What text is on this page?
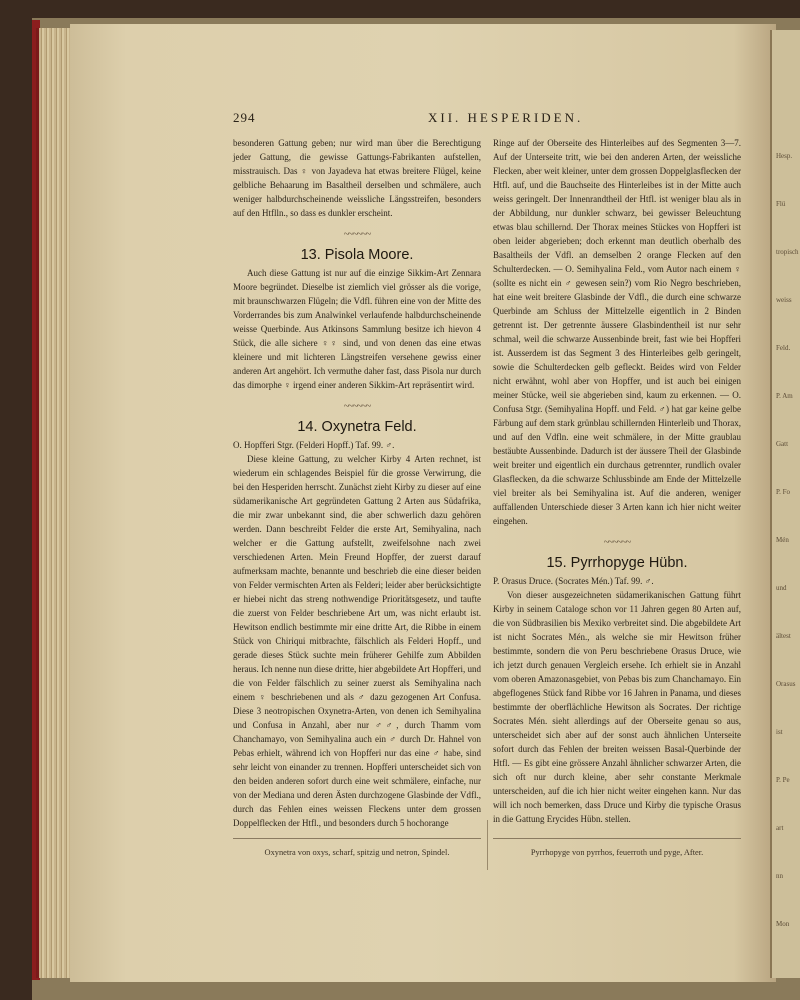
Hesp.
Flü
tropisch
weiss
Feld.
P. Am
Gatt
P. Fo
Mén
und
ältest
Orasus
ist
P. Pe
art
nn
Mon
294	XII. HESPERIDEN.

besonderen Gattung geben; nur wird man über die Berechtigung jeder Gattung, die gewisse Gattungs-Fabrikanten aufstellen, misstrauisch. Das ♀ von Jayadeva hat etwas breitere Flügel, keine gelbliche Behaarung im Basaltheil derselben und schmälere, auch weniger halbdurchscheinende weissliche Längsstreifen, besonders auf den Htflln., so dass es dunkler erscheint.

~~~~~~
13. Pisola Moore.

Auch diese Gattung ist nur auf die einzige Sikkim-Art Zennara Moore begründet. Dieselbe ist ziemlich viel grösser als die vorige, mit braunschwarzen Flügeln; die Vdfl. führen eine von der Mitte des Vorderrandes bis zum Analwinkel verlaufende halbdurchscheinende weisse Querbinde. Aus Atkinsons Sammlung besitze ich hievon 4 Stück, die alle sichere ♀♀ sind, und von denen das eine etwas kleinere und mit lichteren Längstreifen versehene gewiss einer anderen Art angehört. Ich vermuthe daher fast, dass Pisola nur durch das dimorphe ♀ irgend einer anderen Sikkim-Art repräsentirt wird.

~~~~~~
14. Oxynetra Feld.

O. Hopfferi Stgr. (Felderi Hopff.) Taf. 99. ♂.

Diese kleine Gattung, zu welcher Kirby 4 Arten rechnet, ist wiederum ein schlagendes Beispiel für die grosse Verwirrung, die bei den Hesperiden herrscht. Zunächst zieht Kirby zu dieser auf eine südamerikanische Art gegründeten Gattung 2 Arten aus Südafrika, die mir zwar unbekannt sind, die aber schwerlich dazu gehören werden. Dann beschreibt Felder die erste Art, Semihyalina, nach welcher er die Gattung aufstellt, zweifelsohne nach zwei verschiedenen Arten. Mein Freund Hopffer, der zuerst darauf aufmerksam machte, benannte und beschrieb die eine dieser beiden von Felder vermischten Arten als Felderi; leider aber berücksichtigte er hiebei nicht das streng nothwendige Prioritätsgesetz, und taufte die zuerst von Felder beschriebene Art um, was nicht erlaubt ist. Hewitson endlich bestimmte mir eine dritte Art, die Ribbe in einem Stück von Chiriqui mitbrachte, fälschlich als Felderi Hopff., und gerade dieses Stück suchte mein früherer Gehilfe zum Abbilden heraus. Ich nenne nun diese dritte, hier abgebildete Art Hopfferi, und die von Felder fälschlich zu seiner zuerst als Semihyalina nach einem ♀ beschriebenen und als ♂ dazu gezogenen Art Confusa. Diese 3 neotropischen Oxynetra-Arten, von denen ich Semihyalina und Confusa in Anzahl, aber nur ♂♂, durch Thamm vom Chanchamayo, von Semihyalina auch ein ♂ durch Dr. Hahnel von Pebas erhielt, während ich von Hopfferi nur das eine ♂ habe, sind sehr leicht von einander zu trennen. Hopfferi unterscheidet sich von den beiden anderen sofort durch eine weit schmälere, einfache, nur von der Mediana und deren Ästen durchzogene Glasbinde der Vdfl., durch das Fehlen eines weissen Fleckens unter dem grossen Doppelflecken der Htfl., und besonders durch 5 hochorange

Ringe auf der Oberseite des Hinterleibes auf des Segmenten 3—7. Auf der Unterseite tritt, wie bei den anderen Arten, der weissliche Flecken, aber weit kleiner, unter dem grossen Doppelglasflecken der Htfl. auf, und die Bauchseite des Hinterleibes ist in der Mitte auch weiss geringelt. Der Innenrandtheil der Htfl. ist weniger blau als in der Abbildung, nur dunkler schwarz, bei gewisser Beleuchtung etwas blau schillernd. Der Thorax meines Stückes von Hopfferi ist oben leider abgerieben; doch erkennt man deutlich oberhalb des Basaltheils der Vdfl. an demselben 2 orange Flecken auf den Schulterdecken. — O. Semihyalina Feld., vom Autor nach einem ♀ (sollte es nicht ein ♂ gewesen sein?) vom Rio Negro beschrieben, hat eine weit breitere Glasbinde der Vdfl., die durch eine schwarze Querbinde am Schluss der Mittelzelle eigentlich in 2 Binden getrennt ist. Der getrennte äussere Glasbindentheil ist nur sehr schmal, weil die schwarze Aussenbinde breit, fast wie bei Hopfferi ist. Ausserdem ist das Segment 3 des Hinterleibes gelb geringelt, sowie die Schulterdecken gelb gefleckt. Beides wird von Felder nicht erwähnt, wohl aber von Hopffer, und ist auch bei einigen meiner Stücke, weil sie abgerieben sind, kaum zu erkennen. — O. Confusa Stgr. (Semihyalina Hopff. und Feld. ♂) hat gar keine gelbe Färbung auf dem stark grünblau schillernden Hinterleib und Thorax, und auf den Vdfln. eine weit schmälere, in der Mitte graublau bestäubte Aussenbinde. Dadurch ist der äussere Theil der Glasbinde weit breiter und eigentlich ein durchaus getrennter, rundlich ovaler Glasflecken, da die schwarze Schlussbinde am Ende der Mittelzelle viel breiter als bei Semihyalina ist. Auf die anderen, weniger auffallenden Unterschiede dieser 3 Arten kann ich hier nicht weiter eingehen.

~~~~~~
15. Pyrrhopyge Hübn.

P. Orasus Druce. (Socrates Mén.) Taf. 99. ♂.

Von dieser ausgezeichneten südamerikanischen Gattung führt Kirby in seinem Cataloge schon vor 11 Jahren gegen 80 Arten auf, die von Südbrasilien bis Mexiko verbreitet sind. Die abgebildete Art ist nicht Socrates Mén., als welche sie mir Hewitson früher bestimmte, sondern die von Peru beschriebene Orasus Druce, wie ich jetzt durch genauen Vergleich ersehe. Ich erhielt sie in Anzahl vom oberen Amazonasgebiet, von Pebas bis zum Chanchamayo. Ein abgeflogenes Stück fand Ribbe vor 16 Jahren in Panama, und dieses bestimmte der oberflächliche Hewitson als Socrates. Der richtige Socrates Mén. sieht allerdings auf der Oberseite genau so aus, unterscheidet sich aber auf der sonst auch ähnlichen Unterseite sofort durch das Fehlen der breiten weissen Basal-Querbinde der Htfl. — Es gibt eine grössere Anzahl ähnlicher schwarzer Arten, die sich oft nur durch kleine, aber sehr constante Merkmale unterscheiden, auf die ich hier nicht weiter eingehen kann. Nur das will ich noch bemerken, dass Druce und Kirby die typische Orasus in die Gattung Erycides Hübn. stellen.

Oxynetra von oxys, scharf, spitzig und netron, Spindel.	Pyrrhopyge von pyrrhos, feuerroth und pyge, After.
